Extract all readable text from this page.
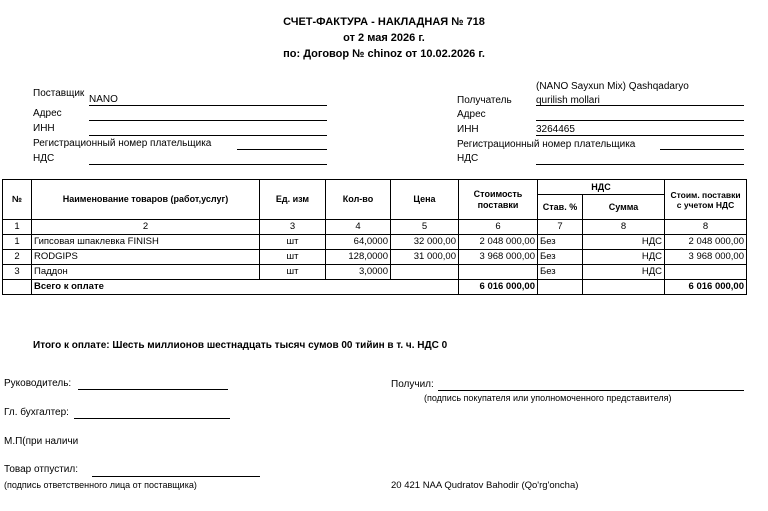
СЧЕТ-ФАКТУРА - НАКЛАДНАЯ № 718
от 2 мая 2026 г.
по: Договор № chinoz от 10.02.2026 г.
Поставщик
NANO
Адрес
ИНН
Регистрационный номер плательщика
НДС
(NANO Sayxun Mix) Qashqadaryo
Получатель qurilish mollari
Адрес
ИНН	3264465
Регистрационный номер плательщика
НДС
№	Наименование товаров (работ,услуг)	Ед. изм	Кол-во	Цена	Стоимость поставки	НДС		Стоим. поставки с учетом НДС
						Став. %	Сумма	
1	2	3	4	5	6	7	8	8
1	Гипсовая шпаклевка FINISH	шт	64,0000	32 000,00	2 048 000,00	Без	НДС	2 048 000,00
2	RODGIPS	шт	128,0000	31 000,00	3 968 000,00	Без	НДС	3 968 000,00
3	Паддон	шт	3,0000			Без	НДС	
	Всего к оплате				6 016 000,00			6 016 000,00
Итого к оплате: Шесть миллионов шестнадцать тысяч сумов 00 тийин в т. ч. НДС 0
Руководитель:	Получил:
(подпись покупателя или уполномоченного представителя)
Гл. бухгалтер:
М.П(при наличи
Товар отпустил:
(подпись ответственного лица от поставщика)	20 421 NAA Qudratov Bahodir (Qo'rg'oncha)
